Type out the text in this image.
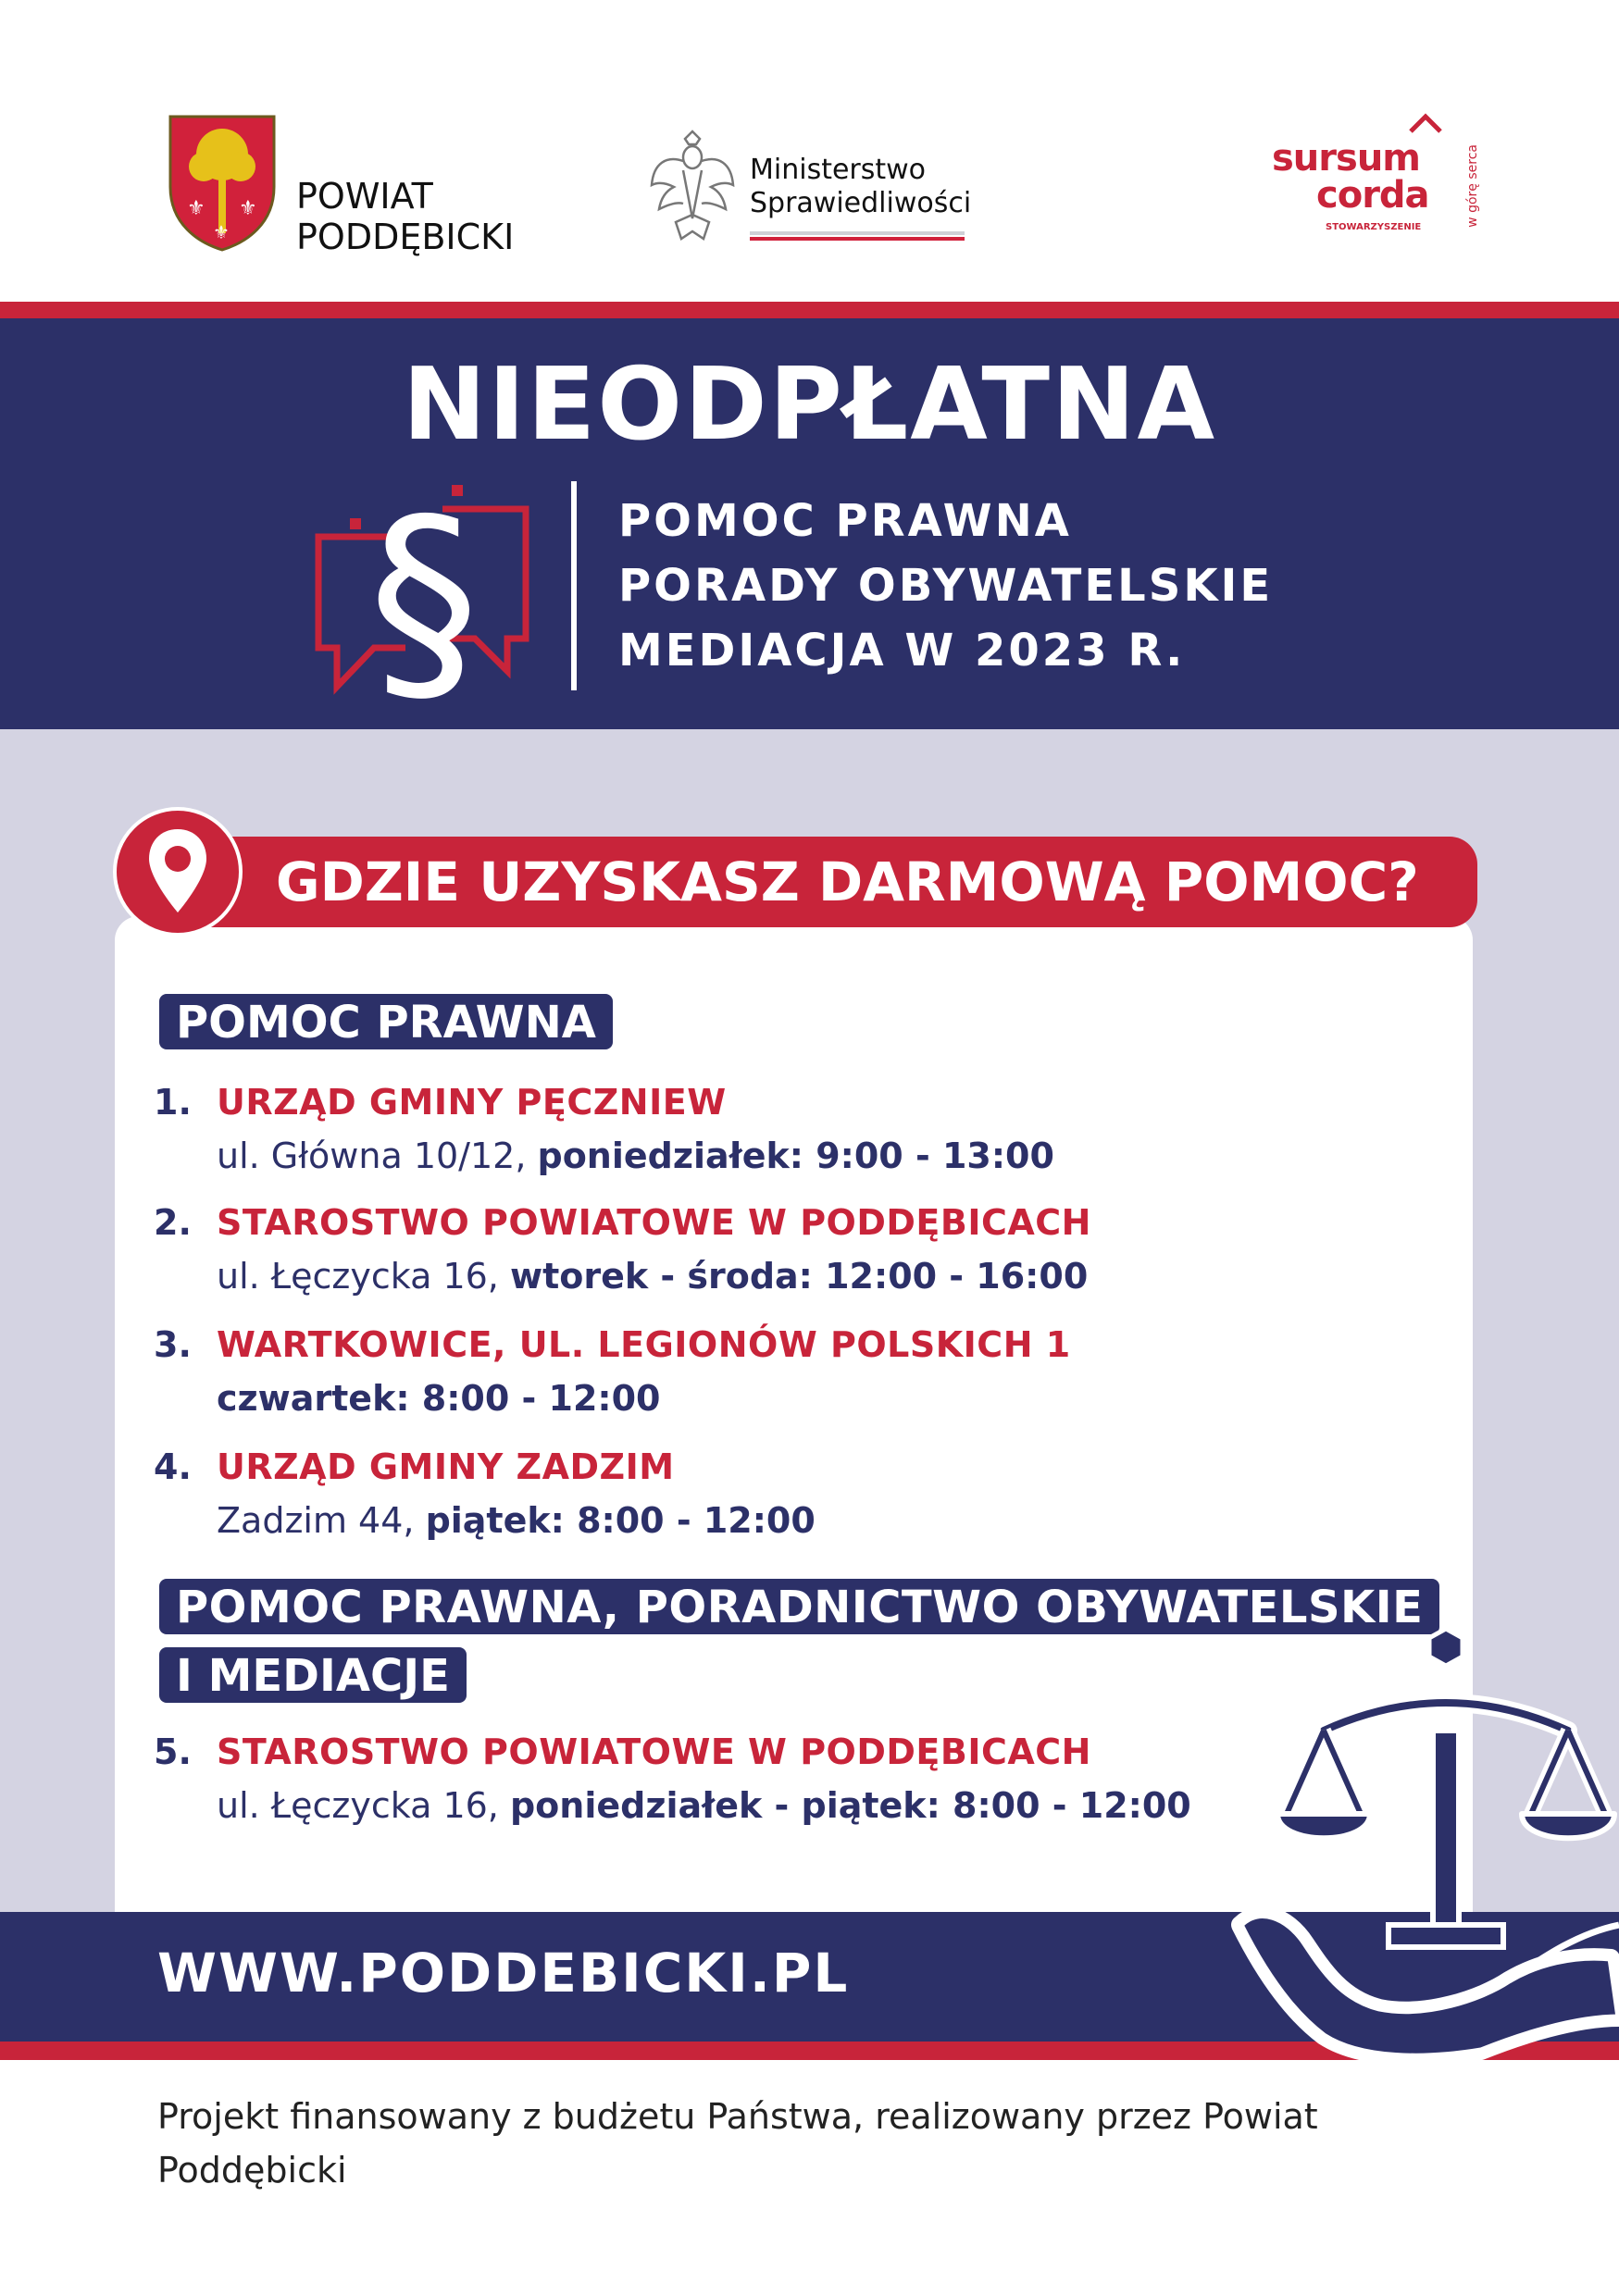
⚜ ⚜
⚜
POWIAT
PODDĘBICKI
Ministerstwo
Sprawiedliwości
sursum
corda
STOWARZYSZENIE	w górę serca
NIEODPŁATNA
§	POMOC PRAWNA
PORADY OBYWATELSKIE
MEDIACJA W 2023 R.
GDZIE UZYSKASZ DARMOWĄ POMOC?
POMOC PRAWNA
1. URZĄD GMINY PĘCZNIEW
ul. Główna 10/12, poniedziałek: 9:00 - 13:00
2. STAROSTWO POWIATOWE W PODDĘBICACH
ul. Łęczycka 16, wtorek - środa: 12:00 - 16:00
3. WARTKOWICE, UL. LEGIONÓW POLSKICH 1
czwartek: 8:00 - 12:00
4. URZĄD GMINY ZADZIM
Zadzim 44, piątek: 8:00 - 12:00
POMOC PRAWNA, PORADNICTWO OBYWATELSKIE
I MEDIACJE
5. STAROSTWO POWIATOWE W PODDĘBICACH
ul. Łęczycka 16, poniedziałek - piątek: 8:00 - 12:00
WWW.PODDEBICKI.PL
Projekt finansowany z budżetu Państwa, realizowany przez Powiat Poddębicki
